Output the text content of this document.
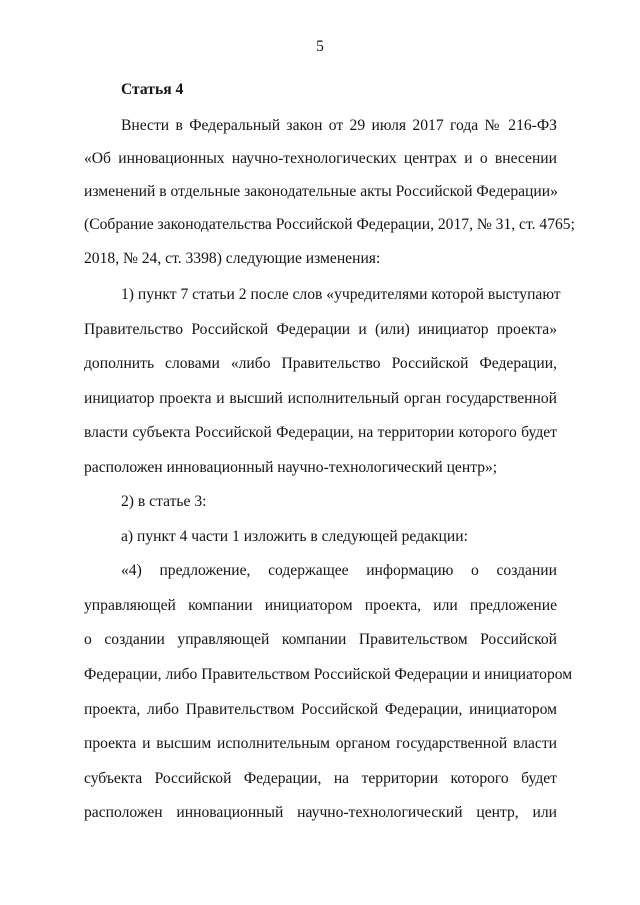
5
Статья 4
Внести в Федеральный закон от 29 июля 2017 года № 216-ФЗ
«Об инновационных научно-технологических центрах и о внесении
изменений в отдельные законодательные акты Российской Федерации»
(Собрание законодательства Российской Федерации, 2017, № 31, ст. 4765;
2018, № 24, ст. 3398) следующие изменения:
1) пункт 7 статьи 2 после слов «учредителями которой выступают
Правительство Российской Федерации и (или) инициатор проекта»
дополнить словами «либо Правительство Российской Федерации,
инициатор проекта и высший исполнительный орган государственной
власти субъекта Российской Федерации, на территории которого будет
расположен инновационный научно-технологический центр»;
2) в статье 3:
а) пункт 4 части 1 изложить в следующей редакции:
«4) предложение, содержащее информацию о создании
управляющей компании инициатором проекта, или предложение
о создании управляющей компании Правительством Российской
Федерации, либо Правительством Российской Федерации и инициатором
проекта, либо Правительством Российской Федерации, инициатором
проекта и высшим исполнительным органом государственной власти
субъекта Российской Федерации, на территории которого будет
расположен инновационный научно-технологический центр, или
